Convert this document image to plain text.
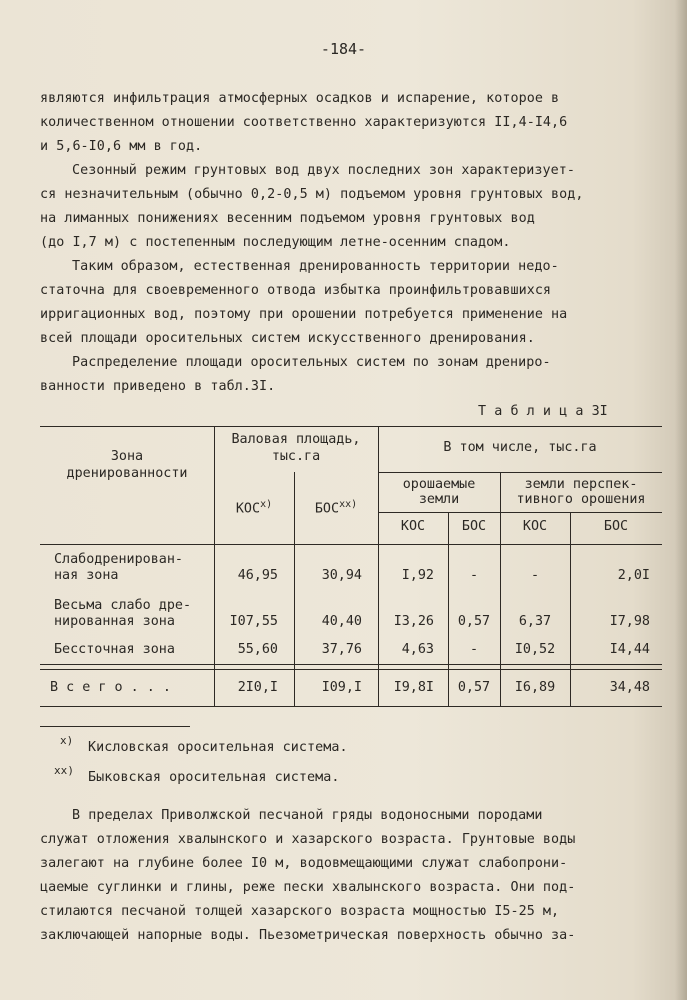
-184-
являются инфильтрация атмосферных осадков и испарение, которое в
количественном отношении соответственно характеризуются II,4-I4,6
и 5,6-I0,6 мм в год.
Сезонный режим грунтовых вод двух последних зон характеризует-
ся незначительным (обычно 0,2-0,5 м) подъемом уровня грунтовых вод,
на лиманных понижениях весенним подъемом уровня грунтовых вод
(до I,7 м) с постепенным последующим летне-осенним спадом.
Таким образом, естественная дренированность территории недо-
статочна для своевременного отвода избытка проинфильтровавшихся
ирригационных вод, поэтому при орошении потребуется применение на
всей площади оросительных систем искусственного дренирования.
Распределение площади оросительных систем по зонам дрениро-
ванности приведено в табл.3I.
Т а б л и ц а 3I
Зона
дренированности
Валовая площадь,
тыс.га
В том числе, тыс.га
орошаемые
земли
земли перспек-
тивного орошения
КОС$^{x)}$	БОС$^{xx)}$
КОС	БОС	КОС	БОС
Слабодренирован-
ная зона	46,95	30,94	I,92	-	-	2,0I
Весьма слабо дре-
нированная зона	I07,55	40,40	I3,26	0,57	6,37	I7,98
Бессточная зона	55,60	37,76	4,63	-	I0,52	I4,44
В с е г о . . .	2I0,I	I09,I	I9,8I	0,57	I6,89	34,48
x) Кисловская оросительная система.
xx) Быковская оросительная система.
В пределах Приволжской песчаной гряды водоносными породами
служат отложения хвалынского и хазарского возраста. Грунтовые воды
залегают на глубине более I0 м, водовмещающими служат слабопрони-
цаемые суглинки и глины, реже пески хвалынского возраста. Они под-
стилаются песчаной толщей хазарского возраста мощностью I5-25 м,
заключающей напорные воды. Пьезометрическая поверхность обычно за-
